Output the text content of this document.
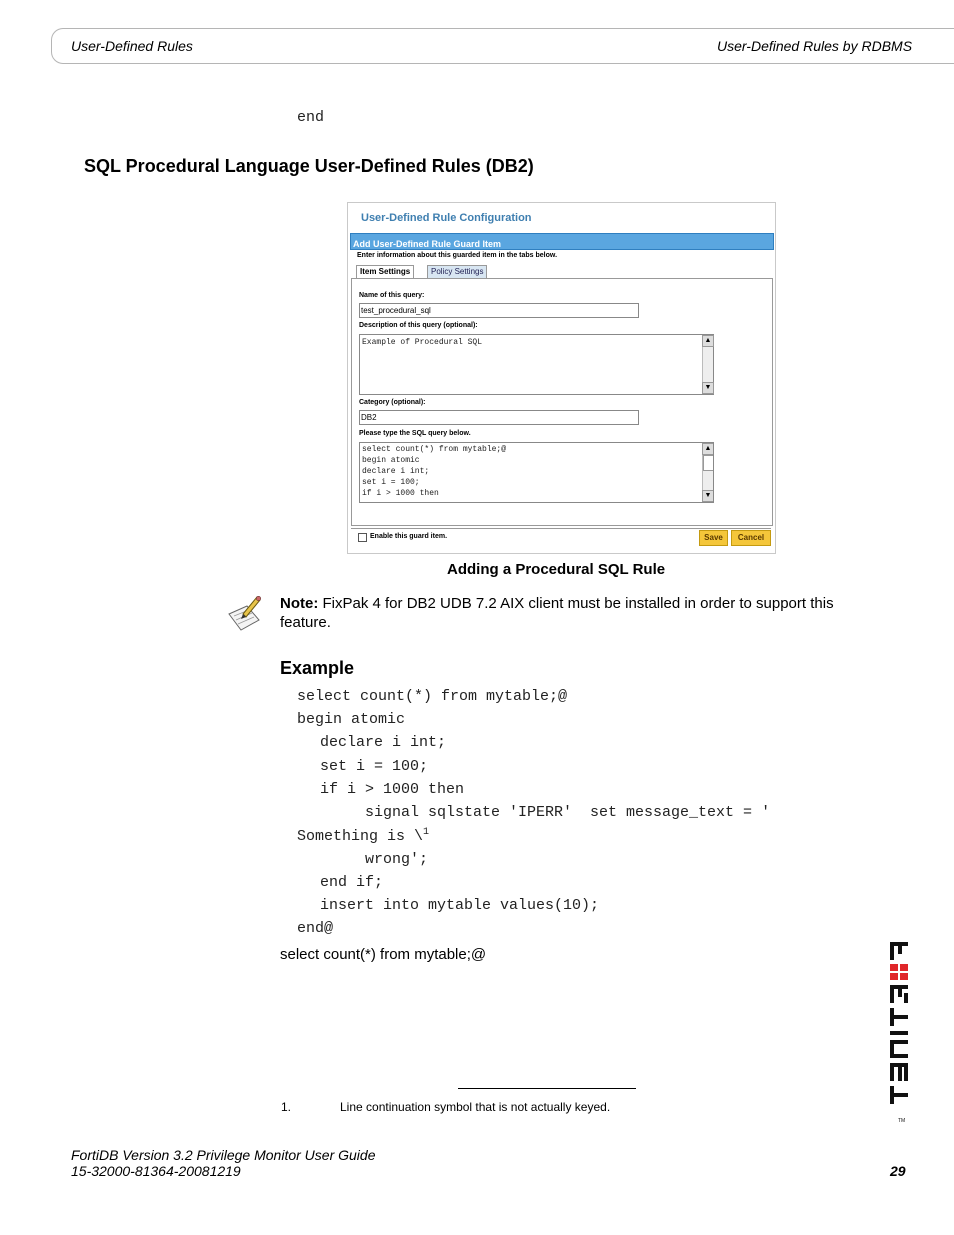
User-Defined Rules	User-Defined Rules by RDBMS
end
SQL Procedural Language User-Defined Rules (DB2)
User-Defined Rule Configuration
Add User-Defined Rule Guard Item
Enter information about this guarded item in the tabs below.
Item Settings	Policy Settings
Name of this query:
test_procedural_sql
Description of this query (optional):
Example of Procedural SQL	▲
▼
Category (optional):
DB2
Please type the SQL query below.
select count(*) from mytable;@
begin atomic
declare i int;
set i = 100;
if i > 1000 then
▲
▼
Enable this guard item.	Save	Cancel
Adding a Procedural SQL Rule
Note: FixPak 4 for DB2 UDB 7.2 AIX client must be installed in order to support this feature.
Example
select count(*) from mytable;@
begin atomic
declare i int;
set i = 100;
if i > 1000 then
signal sqlstate 'IPERR'  set message_text = '
Something is \$^1$
wrong';
end if;
insert into mytable values(10);
end@
select count(*) from mytable;@
1.	Line continuation symbol that is not actually keyed.
FortiDB Version 3.2 Privilege Monitor User Guide
15-32000-81364-20081219	29
TM
